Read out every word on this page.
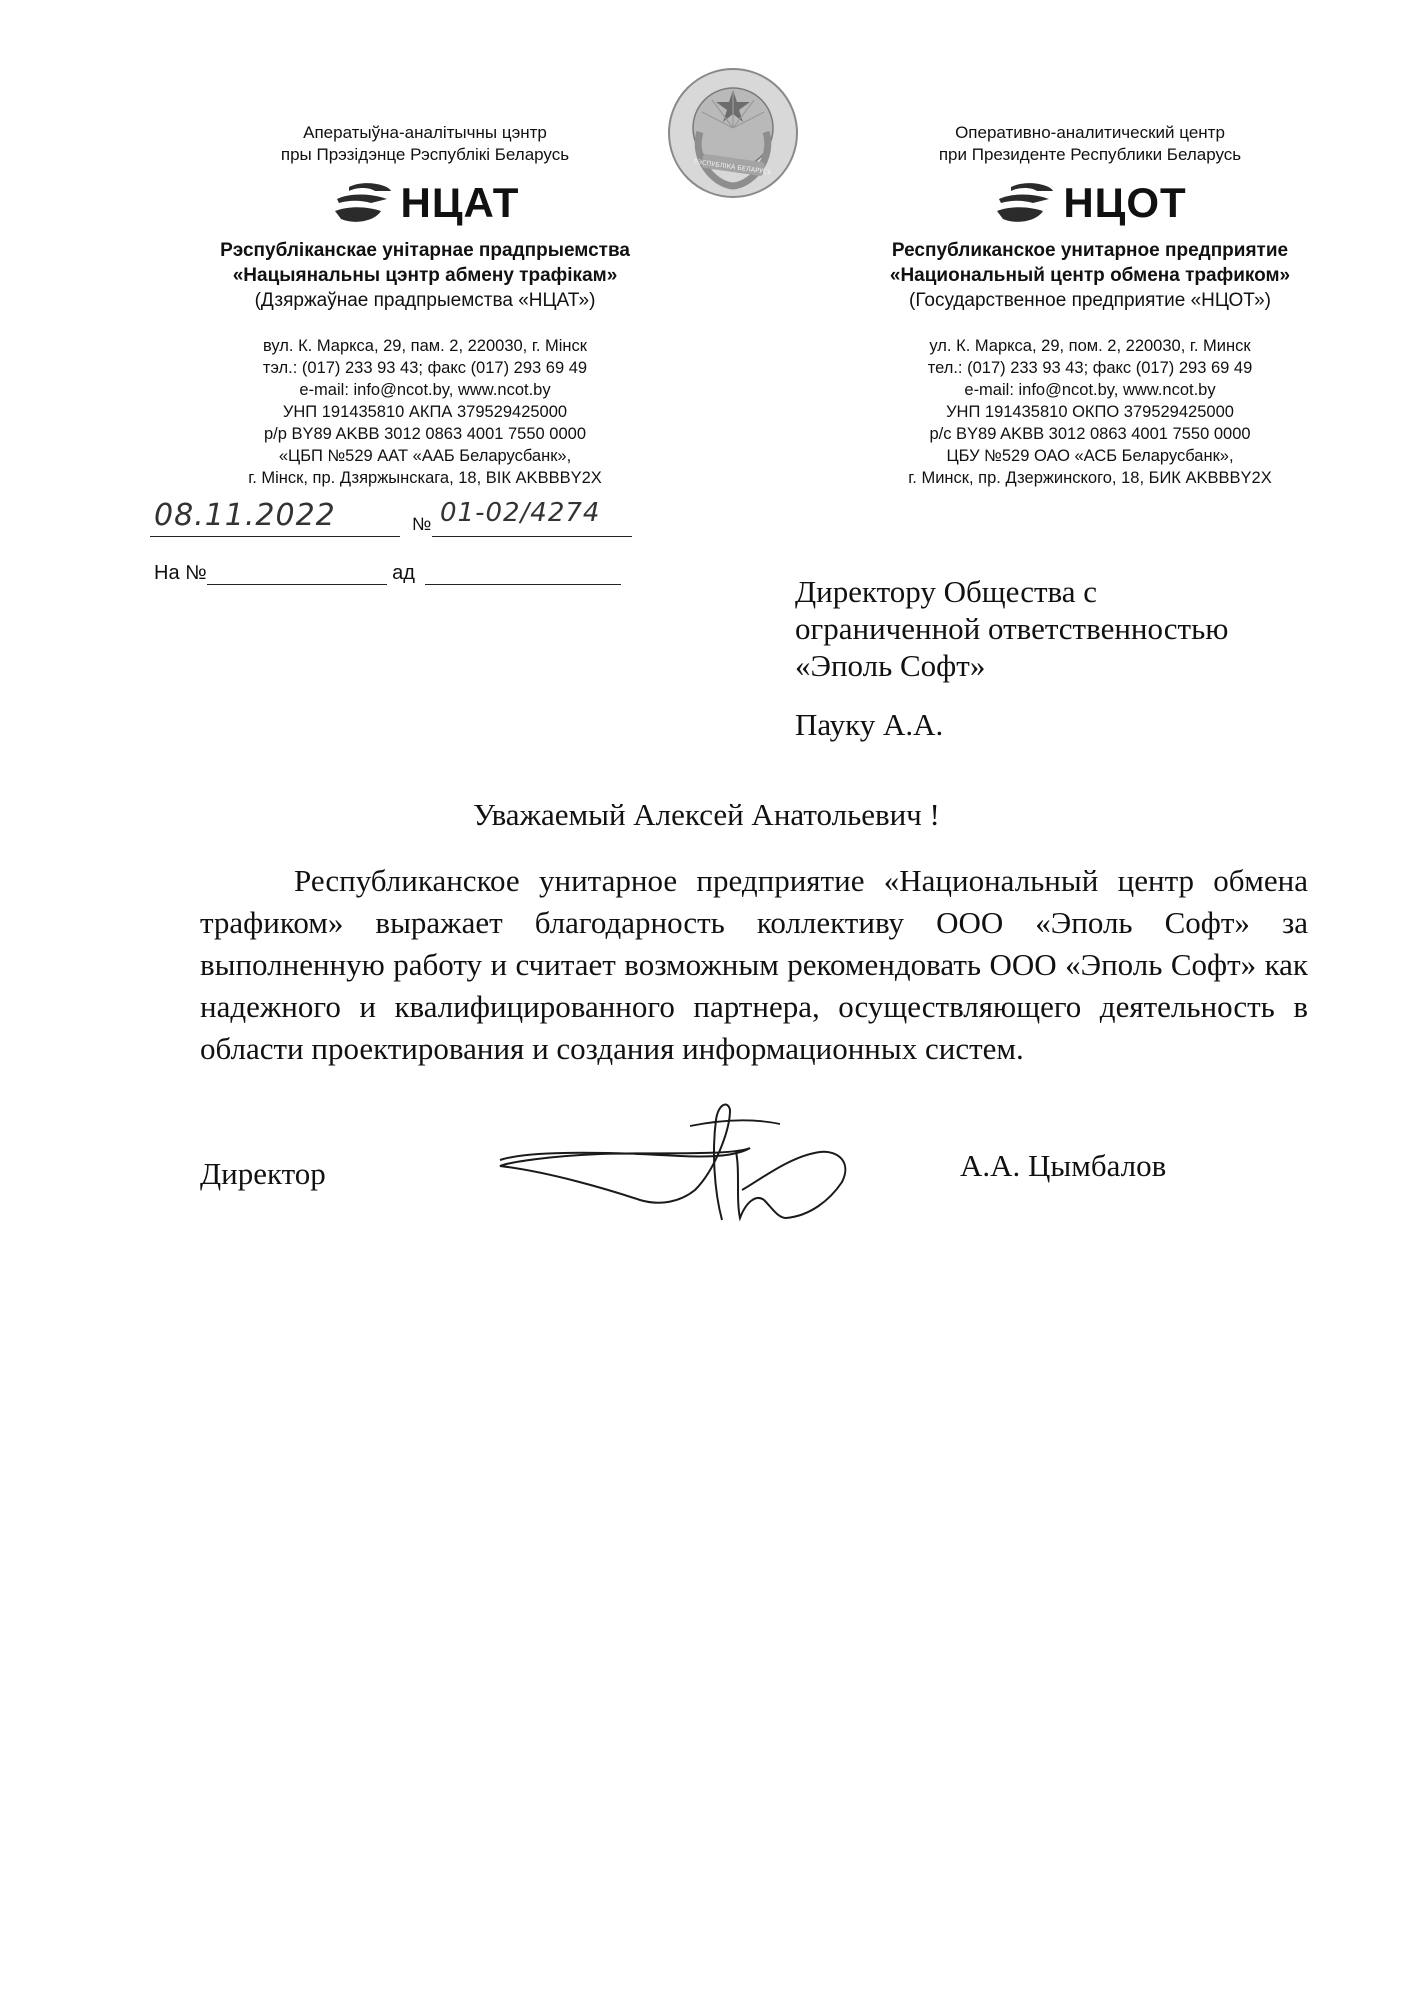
Аператыўна-аналітычны цэнтр
пры Прэзідэнце Рэспублікі Беларусь
НЦАТ
Рэспубліканскае унітарнае прадпрыемства
«Нацыянальны цэнтр абмену трафікам»
(Дзяржаўнае прадпрыемства «НЦАТ»)
вул. К. Маркса, 29, пам. 2, 220030, г. Мінск
тэл.: (017) 233 93 43; факс (017) 293 69 49
e-mail: info@ncot.by, www.ncot.by
УНП 191435810 АКПА 379529425000
р/р BY89 AKBB 3012 0863 4001 7550 0000
«ЦБП №529 ААТ «ААБ Беларусбанк»,
г. Мінск, пр. Дзяржынскага, 18, ВІК AKBBBY2X
РЭСПУБЛІКА БЕЛАРУСЬ
Оперативно-аналитический центр
при Президенте Республики Беларусь
НЦОТ
Республиканское унитарное предприятие
«Национальный центр обмена трафиком»
(Государственное предприятие «НЦОТ»)
ул. К. Маркса, 29, пом. 2, 220030, г. Минск
тел.: (017) 233 93 43; факс (017) 293 69 49
e-mail: info@ncot.by, www.ncot.by
УНП 191435810 ОКПО 379529425000
р/с BY89 AKBB 3012 0863 4001 7550 0000
ЦБУ №529 ОАО «АСБ Беларусбанк»,
г. Минск, пр. Дзержинского, 18, БИК AKBBBY2X
08.11.2022	№ 01-02/4274
На №	ад
Директору Общества с
ограниченной ответственностью
«Эполь Софт»
Пауку А.А.
Уважаемый Алексей Анатольевич !
Республиканское унитарное предприятие «Национальный центр обмена трафиком» выражает благодарность коллективу ООО «Эполь Софт» за выполненную работу и считает возможным рекомендовать ООО «Эполь Софт» как надежного и квалифицированного партнера, осуществляющего деятельность в области проектирования и создания информационных систем.
Директор	А.А. Цымбалов
